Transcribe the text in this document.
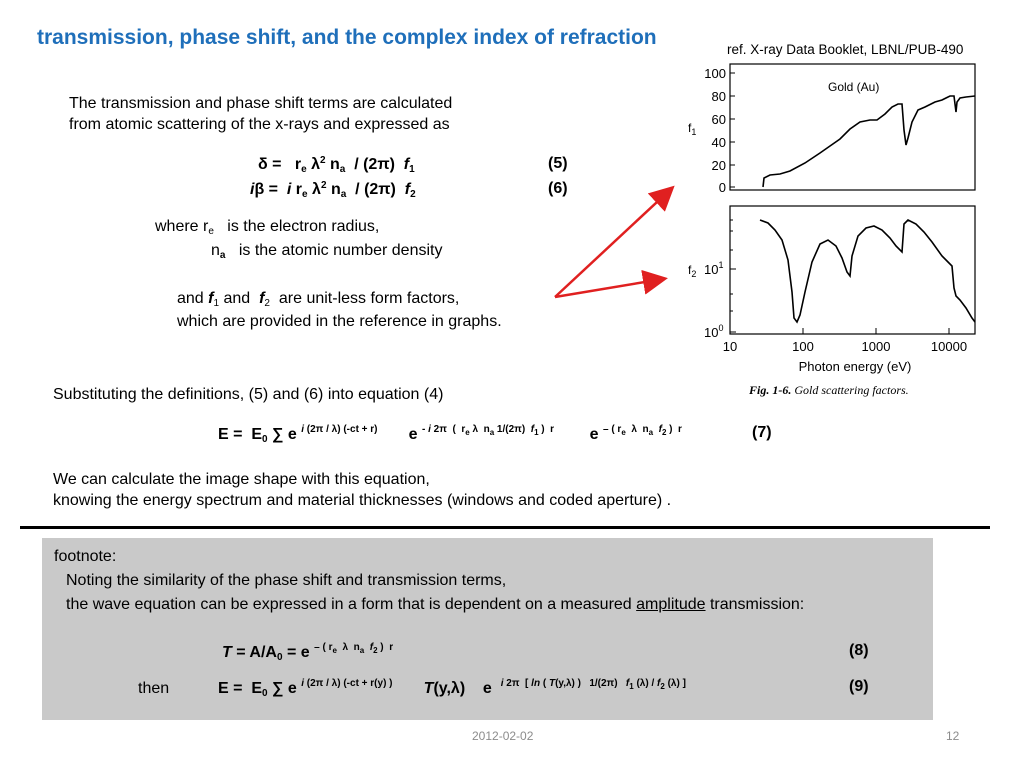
transmission, phase shift, and the complex index of refraction
ref. X-ray Data Booklet, LBNL/PUB-490
The transmission and phase shift terms are calculated
from atomic scattering of the x-rays and expressed as
$\delta = r_e$ $\lambda^2$ $n_a / (2\pi)$  $f_1$	(5)
iβ =  i $r_e$ $\lambda^2$ $n_a / (2\pi)$  $f_2$	(6)
where $r_e$ is the electron radius,
$n_a$ is the atomic number density
and $f_1$ and $f_2$ are unit-less form factors,
which are provided in the reference in graphs.
100
80
60
40
20
0
$f_1$
Gold (Au)
$10^1$
$10^0$
$f_2$
10	100	1000	10000
Photon energy (eV)
Fig. 1-6. Gold scattering factors.
Substituting the definitions, (5) and (6) into equation (4)
$E = E_0$ ∑ e $^{i (2\pi / \lambda) (-ct + r)}$       e $^{- i 2\pi ( r_e \lambda n_a 1/(2\pi) f_1 ) r}$        e $^{- ( r_e \lambda n_a f_2 ) r}$	(7)
We can calculate the image shape with this equation,
knowing the energy spectrum and material thicknesses (windows and coded aperture) .
footnote:
Noting the similarity of the phase shift and transmission terms,
the wave equation can be expressed in a form that is dependent on a measured amplitude transmission:
$T = A/A_0 = e$ $^{- ( r_e \lambda n_a f_2 ) r}$	(8)
then	$E = E_0$ ∑ e $^{i (2\pi / \lambda) (-ct + r(y) )}$ T(y,λ)    e  $^{i 2\pi [ ln ( T(y,\lambda) ) 1/(2\pi) f_1 (\lambda) / f_2 (\lambda) ]}$	(9)
2012-02-02	12
